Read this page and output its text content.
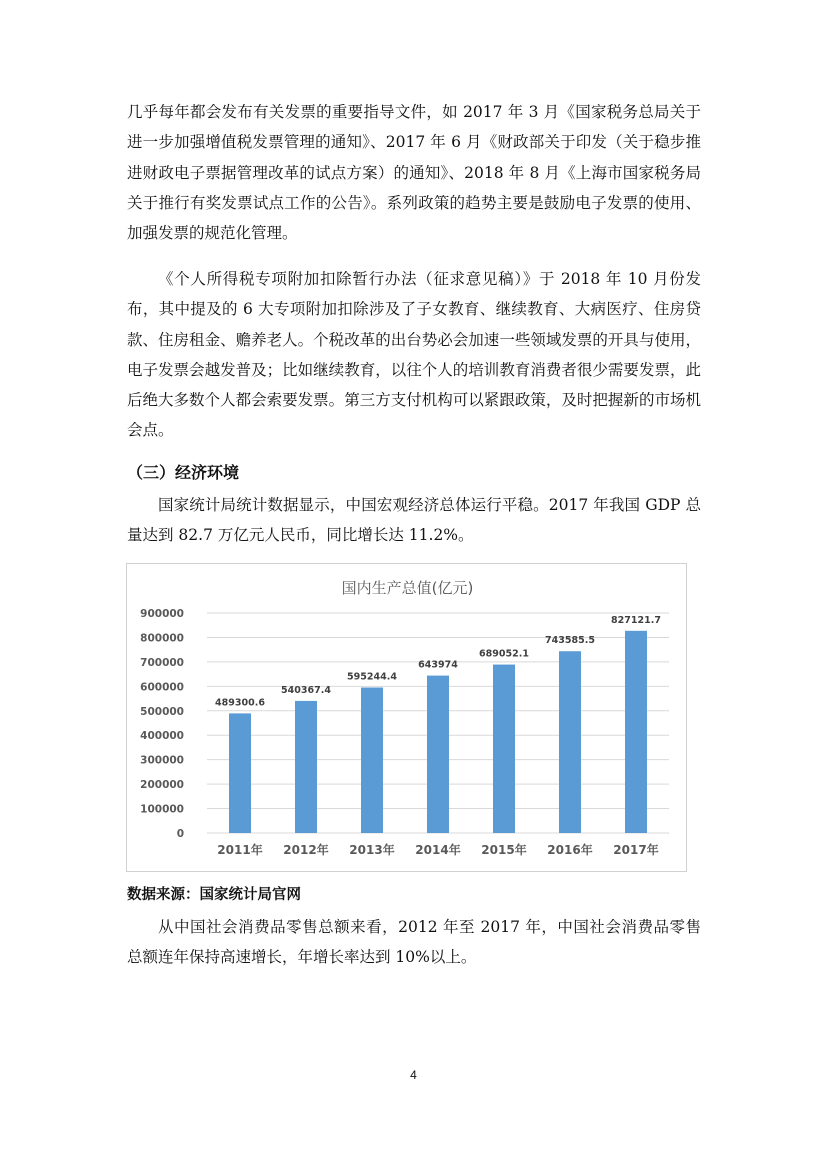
几乎每年都会发布有关发票的重要指导文件，如 2017 年 3 月《国家税务总局关于进一步加强增值税发票管理的通知》、2017 年 6 月《财政部关于印发（关于稳步推进财政电子票据管理改革的试点方案）的通知》、2018 年 8 月《上海市国家税务局关于推行有奖发票试点工作的公告》。系列政策的趋势主要是鼓励电子发票的使用、加强发票的规范化管理。

《个人所得税专项附加扣除暂行办法（征求意见稿）》于 2018 年 10 月份发布，其中提及的 6 大专项附加扣除涉及了子女教育、继续教育、大病医疗、住房贷款、住房租金、赡养老人。个税改革的出台势必会加速一些领域发票的开具与使用，电子发票会越发普及；比如继续教育，以往个人的培训教育消费者很少需要发票，此后绝大多数个人都会索要发票。第三方支付机构可以紧跟政策，及时把握新的市场机会点。

（三）经济环境

国家统计局统计数据显示，中国宏观经济总体运行平稳。2017 年我国 GDP 总量达到 82.7 万亿元人民币，同比增长达 11.2%。

国内生产总值(亿元)
0
100000
200000
300000
400000
500000
600000
700000
800000
900000
489300.6
2011年
540367.4
2012年
595244.4
2013年
643974
2014年
689052.1
2015年
743585.5
2016年
827121.7
2017年
数据来源：国家统计局官网

从中国社会消费品零售总额来看，2012 年至 2017 年，中国社会消费品零售总额连年保持高速增长，年增长率达到 10%以上。

4
